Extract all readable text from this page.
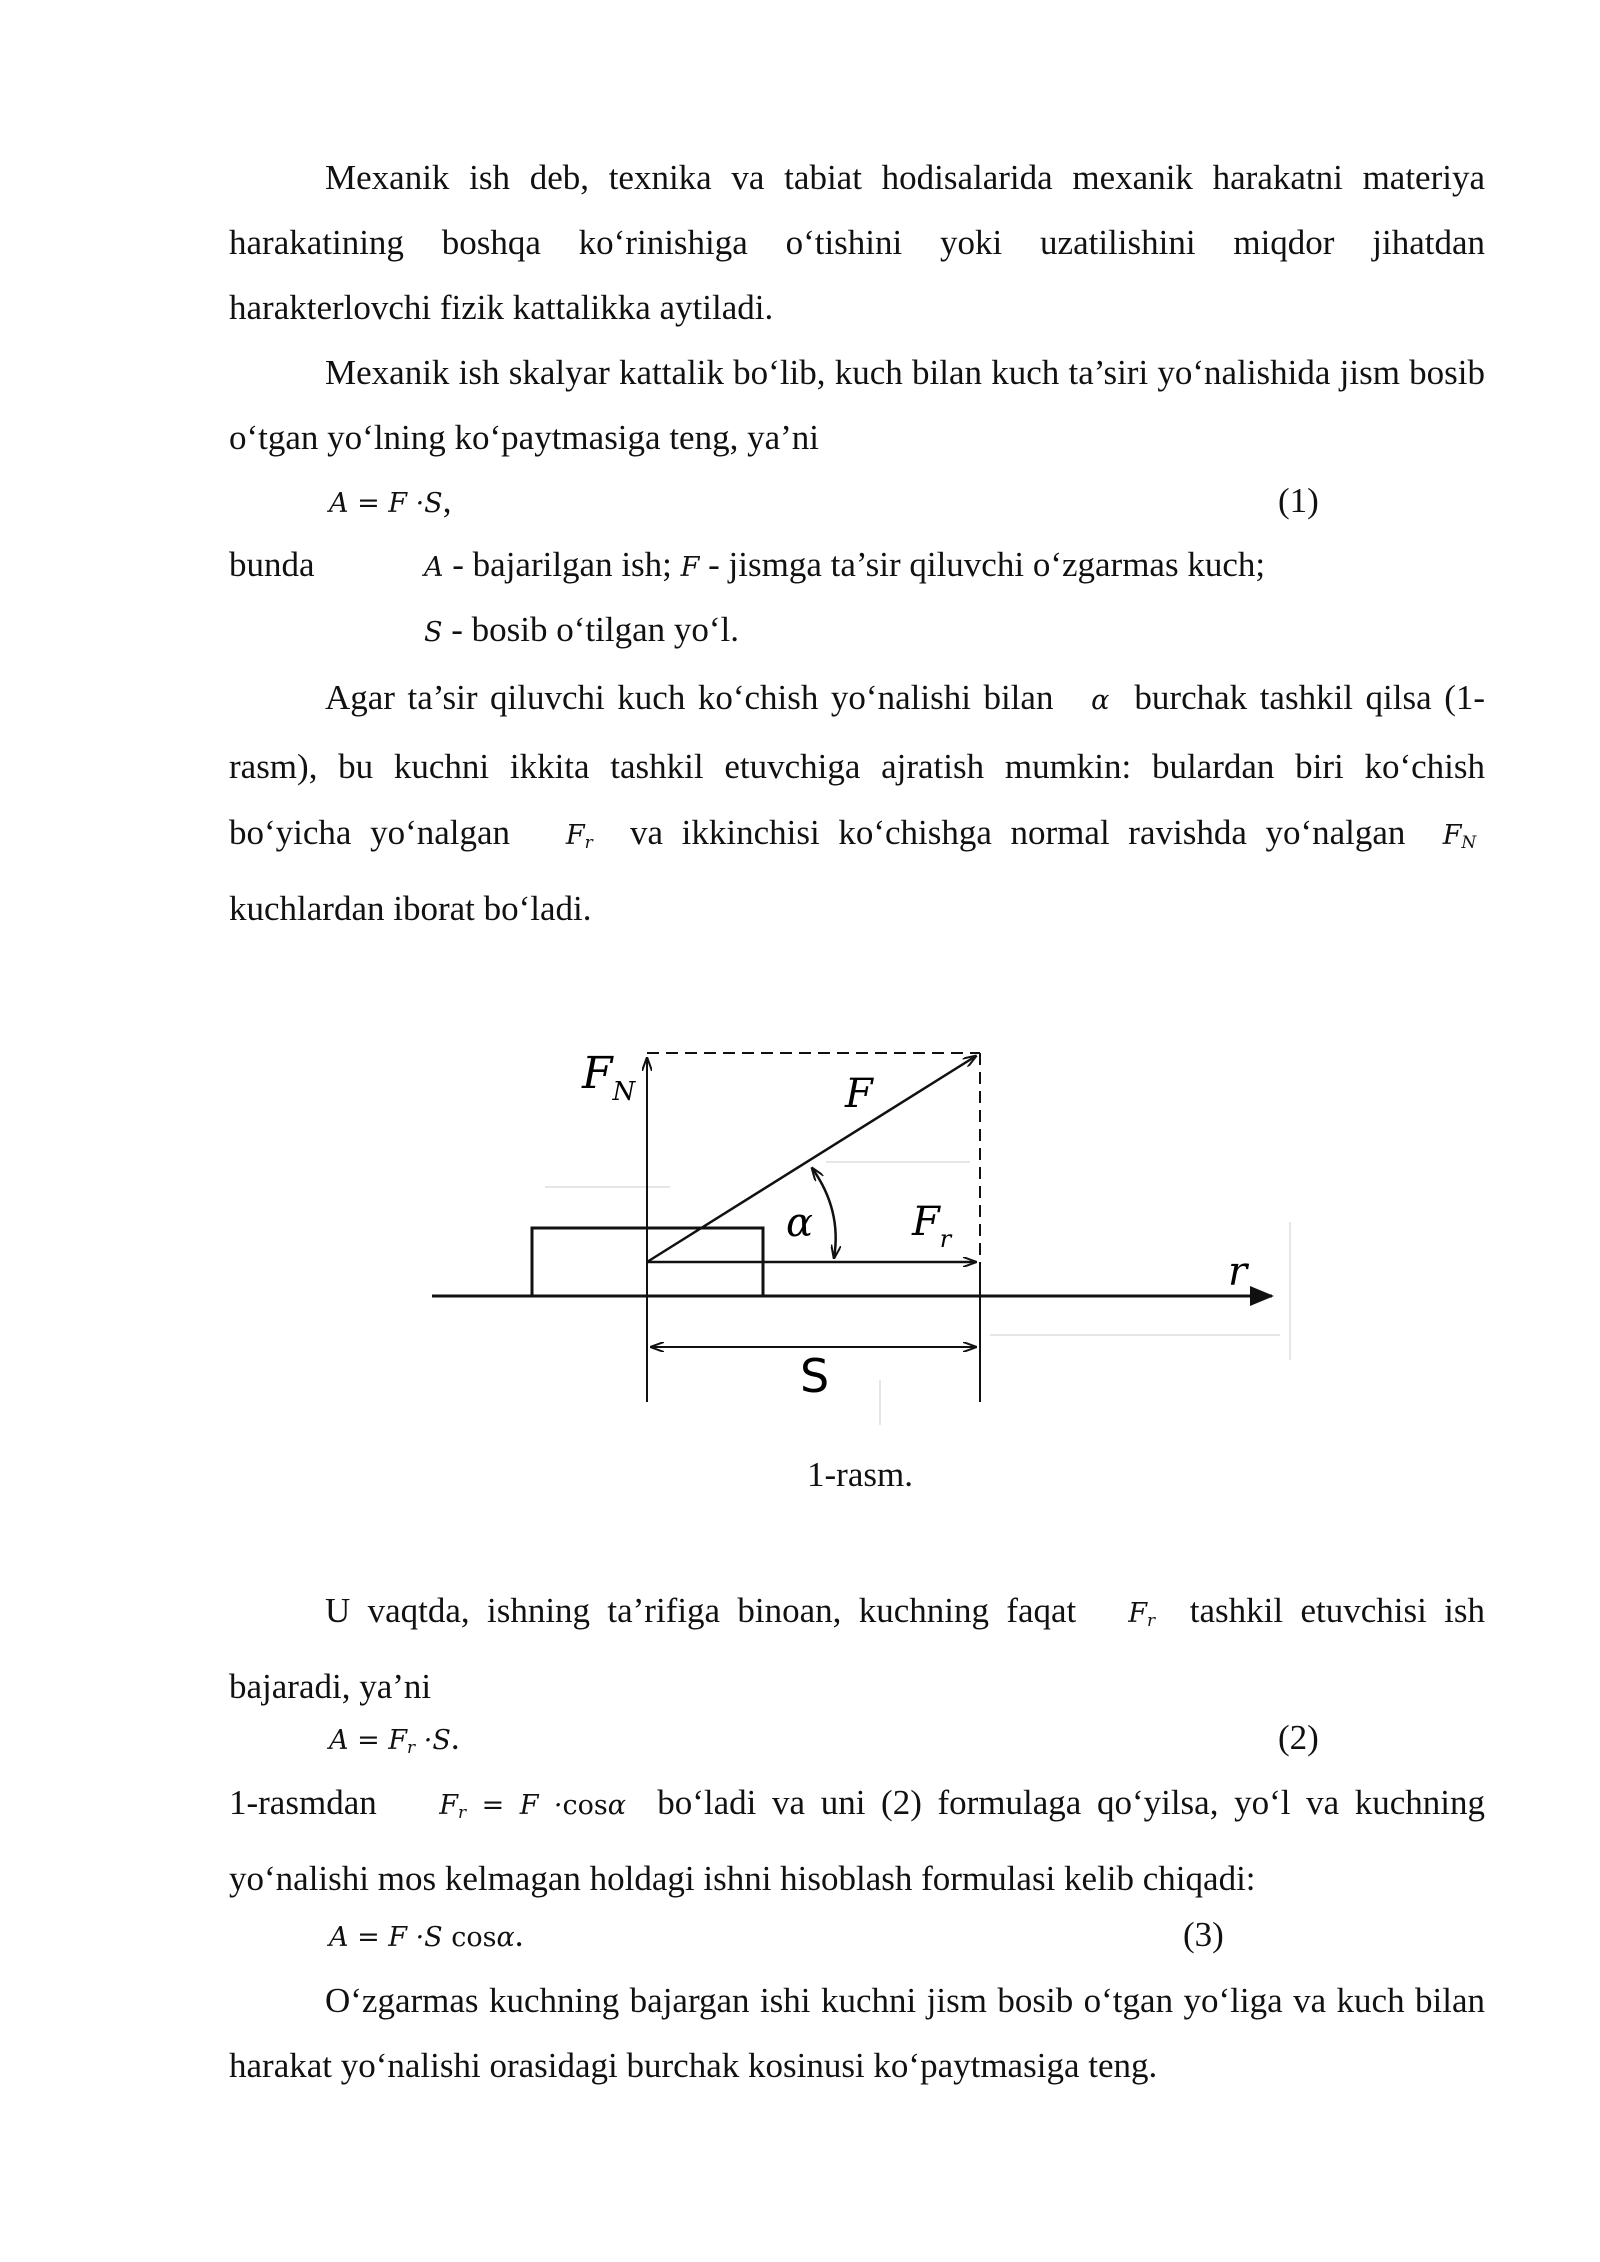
Mexanik ish deb, texnika va tabiat hodisalarida mexanik harakatni materiya harakatining boshqa ko‘rinishiga o‘tishini yoki uzatilishini miqdor jihatdan harakterlovchi fizik kattalikka aytiladi.

Mexanik ish skalyar kattalik bo‘lib, kuch bilan kuch ta’siri yo‘nalishida jism bosib o‘tgan yo‘lning ko‘paytmasiga teng, ya’ni

A = F ·S,	(1)
bunda	A - bajarilgan ish; F - jismga ta’sir qiluvchi o‘zgarmas kuch;
S - bosib o‘tilgan yo‘l.

Agar ta’sir qiluvchi kuch ko‘chish yo‘nalishi bilan α burchak tashkil qilsa (1-rasm), bu kuchni ikkita tashkil etuvchiga ajratish mumkin: bulardan biri ko‘chish bo‘yicha yo‘nalgan $F_r$ va ikkinchisi ko‘chishga normal ravishda yo‘nalgan $F_N$  kuchlardan iborat bo‘ladi.

r
$F_N$	F
$F_r$
α
S
1-rasm.

U vaqtda, ishning ta’rifiga binoan, kuchning faqat $F_r$ tashkil etuvchisi ish bajaradi, ya’ni

$A = F_r \cdot S$.	(2)

1-rasmdan $F_r = F \cdot\cos\alpha$ bo‘ladi va uni (2) formulaga qo‘yilsa, yo‘l va kuchning yo‘nalishi mos kelmagan holdagi ishni hisoblash formulasi kelib chiqadi:

A = F ·S cosα.	(3)

O‘zgarmas kuchning bajargan ishi kuchni jism bosib o‘tgan yo‘liga va kuch bilan harakat yo‘nalishi orasidagi burchak kosinusi ko‘paytmasiga teng.
